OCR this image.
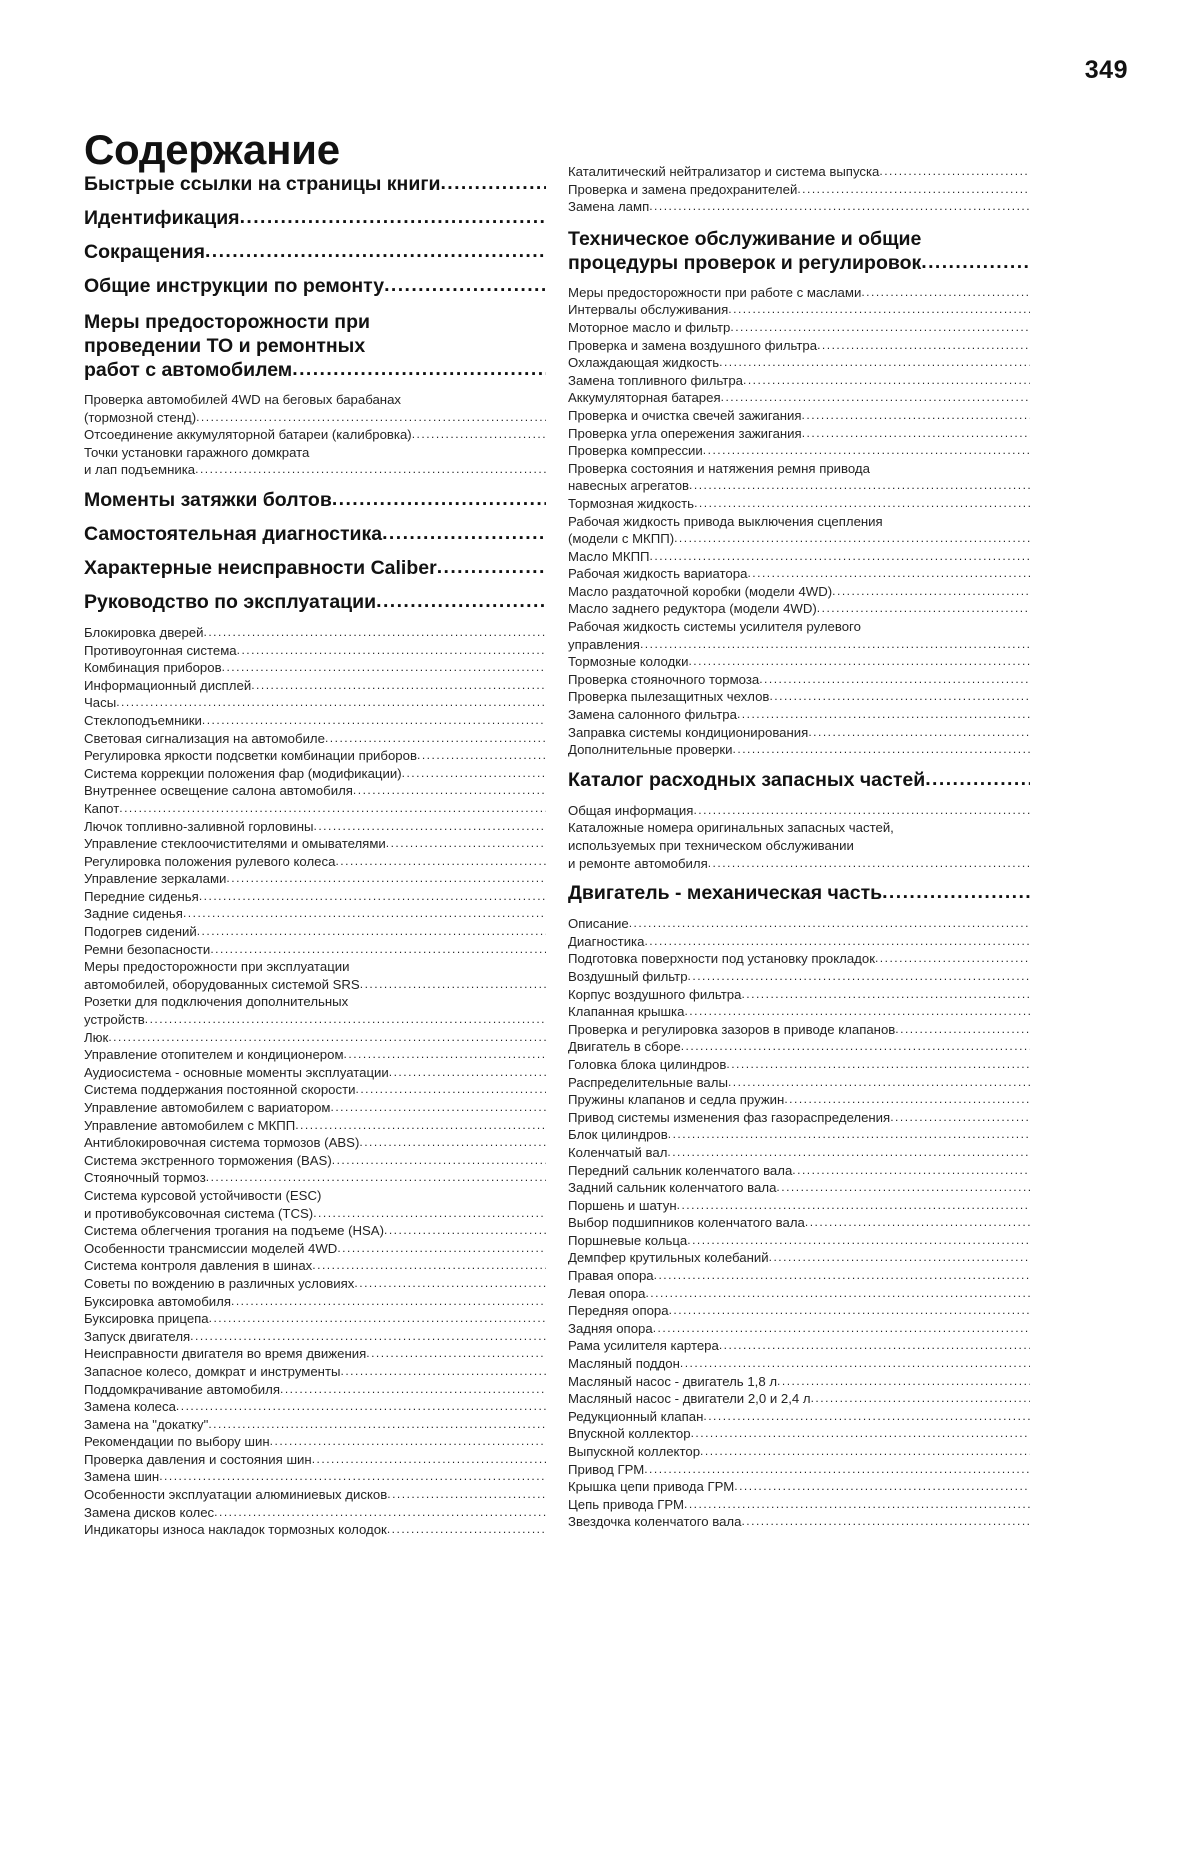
349
Содержание
Быстрые ссылки на страницы книги
.....
Идентификация
.....
Сокращения
.....
Общие инструкции по ремонту
.....
Меры предосторожности при
проведении ТО и ремонтных
работ с автомобилем
.....
Проверка автомобилей 4WD на беговых барабанах
(тормозной стенд)
.....
Отсоединение аккумуляторной батареи (калибровка)
.....
Точки установки гаражного домкрата
и лап подъемника
.....
Моменты затяжки болтов
.....
Самостоятельная диагностика
.....
Характерные неисправности Caliber
.....
Руководство по эксплуатации
.....
Блокировка дверей
.....
Противоугонная система
.....
Комбинация приборов
.....
Информационный дисплей
.....
Часы
.....
Стеклоподъемники
.....
Световая сигнализация на автомобиле
.....
Регулировка яркости подсветки комбинации приборов
.....
Система коррекции положения фар (модификации)
.....
Внутреннее освещение салона автомобиля
.....
Капот
.....
Лючок топливно-заливной горловины
.....
Управление стеклоочистителями и омывателями
.....
Регулировка положения рулевого колеса
.....
Управление зеркалами
.....
Передние сиденья
.....
Задние сиденья
.....
Подогрев сидений
.....
Ремни безопасности
.....
Меры предосторожности при эксплуатации
автомобилей, оборудованных системой SRS
.....
Розетки для подключения дополнительных
устройств
.....
Люк
.....
Управление отопителем и кондиционером
.....
Аудиосистема - основные моменты эксплуатации
.....
Система поддержания постоянной скорости
.....
Управление автомобилем с вариатором
.....
Управление автомобилем с МКПП
.....
Антиблокировочная система тормозов (ABS)
.....
Система экстренного торможения (BAS)
.....
Стояночный тормоз
.....
Система курсовой устойчивости (ESC)
и противобуксовочная система (TCS)
.....
Система облегчения трогания на подъеме (HSA)
.....
Особенности трансмиссии моделей 4WD
.....
Система контроля давления в шинах
.....
Советы по вождению в различных условиях
.....
Буксировка автомобиля
.....
Буксировка прицепа
.....
Запуск двигателя
.....
Неисправности двигателя во время движения
.....
Запасное колесо, домкрат и инструменты
.....
Поддомкрачивание автомобиля
.....
Замена колеса
.....
Замена на "докатку"
.....
Рекомендации по выбору шин
.....
Проверка давления и состояния шин
.....
Замена шин
.....
Особенности эксплуатации алюминиевых дисков
.....
Замена дисков колес
.....
Индикаторы износа накладок тормозных колодок
.....
Каталитический нейтрализатор и система выпуска
.....
Проверка и замена предохранителей
.....
Замена ламп
.....
Техническое обслуживание и общие
процедуры проверок и регулировок
.....
Меры предосторожности при работе с маслами
.....
Интервалы обслуживания
.....
Моторное масло и фильтр
.....
Проверка и замена воздушного фильтра
.....
Охлаждающая жидкость
.....
Замена топливного фильтра
.....
Аккумуляторная батарея
.....
Проверка и очистка свечей зажигания
.....
Проверка угла опережения зажигания
.....
Проверка компрессии
.....
Проверка состояния и натяжения ремня привода
навесных агрегатов
.....
Тормозная жидкость
.....
Рабочая жидкость привода выключения сцепления
(модели с МКПП)
.....
Масло МКПП
.....
Рабочая жидкость вариатора
.....
Масло раздаточной коробки (модели 4WD)
.....
Масло заднего редуктора (модели 4WD)
.....
Рабочая жидкость системы усилителя рулевого
управления
.....
Тормозные колодки
.....
Проверка стояночного тормоза
.....
Проверка пылезащитных чехлов
.....
Замена салонного фильтра
.....
Заправка системы кондиционирования
.....
Дополнительные проверки
.....
Каталог расходных запасных частей
.....
Общая информация
.....
Каталожные номера оригинальных запасных частей,
используемых при техническом обслуживании
и ремонте автомобиля
.....
Двигатель - механическая часть
.....
Описание
.....
Диагностика
.....
Подготовка поверхности под установку прокладок
.....
Воздушный фильтр
.....
Корпус воздушного фильтра
.....
Клапанная крышка
.....
Проверка и регулировка зазоров в приводе клапанов
.....
Двигатель в сборе
.....
Головка блока цилиндров
.....
Распределительные валы
.....
Пружины клапанов и седла пружин
.....
Привод системы изменения фаз газораспределения
.....
Блок цилиндров
.....
Коленчатый вал
.....
Передний сальник коленчатого вала
.....
Задний сальник коленчатого вала
.....
Поршень и шатун
.....
Выбор подшипников коленчатого вала
.....
Поршневые кольца
.....
Демпфер крутильных колебаний
.....
Правая опора
.....
Левая опора
.....
Передняя опора
.....
Задняя опора
.....
Рама усилителя картера
.....
Масляный поддон
.....
Масляный насос - двигатель 1,8 л
.....
Масляный насос - двигатели 2,0 и 2,4 л
.....
Редукционный клапан
.....
Впускной коллектор
.....
Выпускной коллектор
.....
Привод ГРМ
.....
Крышка цепи привода ГРМ
.....
Цепь привода ГРМ
.....
Звездочка коленчатого вала
.....
